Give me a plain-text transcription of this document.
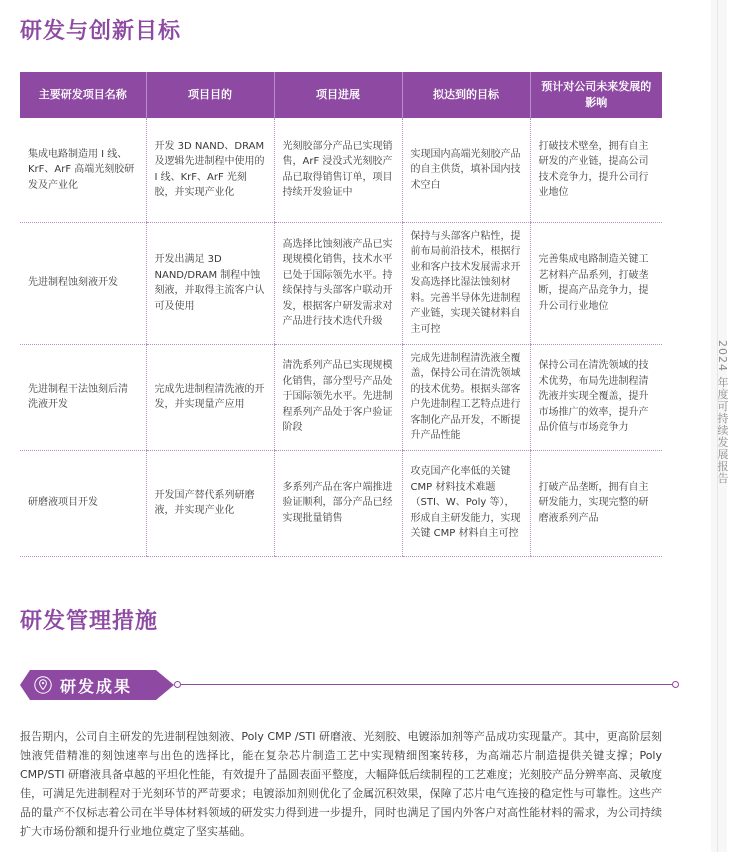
2024 年度可持续发展报告
研发与创新目标
主要研发项目名称	项目目的	项目进展	拟达到的目标	预计对公司未来发展的影响
集成电路制造用 I 线、KrF、ArF 高端光刻胶研发及产业化	开发 3D NAND、DRAM 及逻辑先进制程中使用的 I 线、KrF、ArF 光刻胶，并实现产业化	光刻胶部分产品已实现销售，ArF 浸没式光刻胶产品已取得销售订单，项目持续开发验证中	实现国内高端光刻胶产品的自主供货，填补国内技术空白	打破技术壁垒，拥有自主研发的产业链，提高公司技术竞争力，提升公司行业地位
先进制程蚀刻液开发	开发出满足 3D NAND/DRAM 制程中蚀刻液，并取得主流客户认可及使用	高选择比蚀刻液产品已实现规模化销售，技术水平已处于国际领先水平。持续保持与头部客户联动开发，根据客户研发需求对产品进行技术迭代升级	保持与头部客户粘性，提前布局前沿技术，根据行业和客户技术发展需求开发高选择比湿法蚀刻材料。完善半导体先进制程产业链，实现关键材料自主可控	完善集成电路制造关键工艺材料产品系列，打破垄断，提高产品竞争力，提升公司行业地位
先进制程干法蚀刻后清洗液开发	完成先进制程清洗液的开发，并实现量产应用	清洗系列产品已实现规模化销售，部分型号产品处于国际领先水平。先进制程系列产品处于客户验证阶段	完成先进制程清洗液全覆盖，保持公司在清洗领域的技术优势。根据头部客户先进制程工艺特点进行客制化产品开发，不断提升产品性能	保持公司在清洗领域的技术优势，布局先进制程清洗液并实现全覆盖，提升市场推广的效率，提升产品价值与市场竞争力
研磨液项目开发	开发国产替代系列研磨液，并实现产业化	多系列产品在客户端推进验证顺利，部分产品已经实现批量销售	攻克国产化率低的关键 CMP 材料技术难题（STI、W、Poly 等），形成自主研发能力，实现关键 CMP 材料自主可控	打破产品垄断，拥有自主研发能力，实现完整的研磨液系列产品
研发管理措施
研发成果

报告期内，公司自主研发的先进制程蚀刻液、Poly CMP /STI 研磨液、光刻胶、电镀添加剂等产品成功实现量产。其中，更高阶层刻蚀液凭借精准的刻蚀速率与出色的选择比，能在复杂芯片制造工艺中实现精细图案转移，为高端芯片制造提供关键支撑；Poly CMP/STI 研磨液具备卓越的平坦化性能，有效提升了晶圆表面平整度，大幅降低后续制程的工艺难度；光刻胶产品分辨率高、灵敏度佳，可满足先进制程对于光刻环节的严苛要求；电镀添加剂则优化了金属沉积效果，保障了芯片电气连接的稳定性与可靠性。这些产品的量产不仅标志着公司在半导体材料领域的研发实力得到进一步提升，同时也满足了国内外客户对高性能材料的需求，为公司持续扩大市场份额和提升行业地位奠定了坚实基础。
